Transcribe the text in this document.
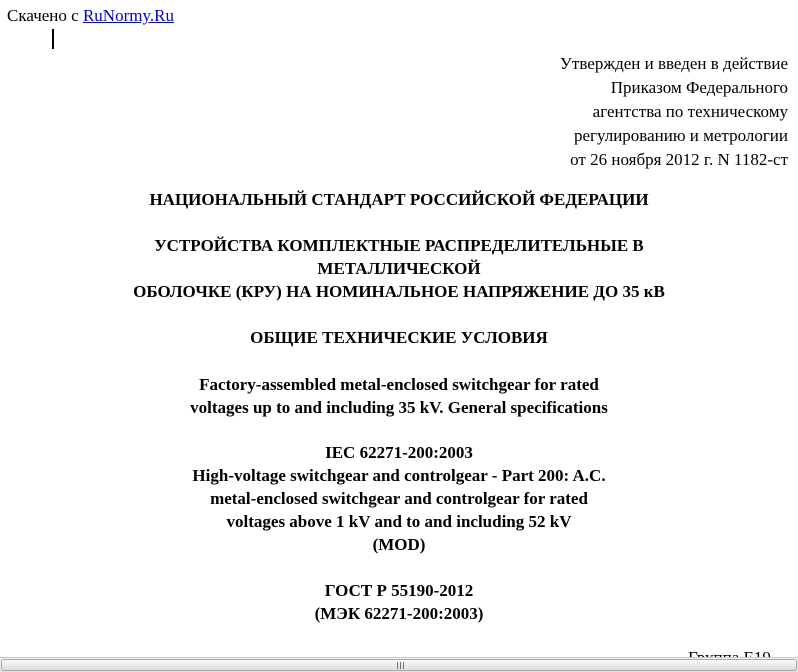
Скачено с RuNormy.Ru
Утвержден и введен в действие
Приказом Федерального
агентства по техническому
регулированию и метрологии
от 26 ноября 2012 г. N 1182-ст
НАЦИОНАЛЬНЫЙ СТАНДАРТ РОССИЙСКОЙ ФЕДЕРАЦИИ
УСТРОЙСТВА КОМПЛЕКТНЫЕ РАСПРЕДЕЛИТЕЛЬНЫЕ В
МЕТАЛЛИЧЕСКОЙ
ОБОЛОЧКЕ (КРУ) НА НОМИНАЛЬНОЕ НАПРЯЖЕНИЕ ДО 35 кВ
ОБЩИЕ ТЕХНИЧЕСКИЕ УСЛОВИЯ
Factory-assembled metal-enclosed switchgear for rated
voltages up to and including 35 kV. General specifications
IEC 62271-200:2003
High-voltage switchgear and controlgear - Part 200: A.C.
metal-enclosed switchgear and controlgear for rated
voltages above 1 kV and to and including 52 kV
(MOD)
ГОСТ Р 55190-2012
(МЭК 62271-200:2003)
